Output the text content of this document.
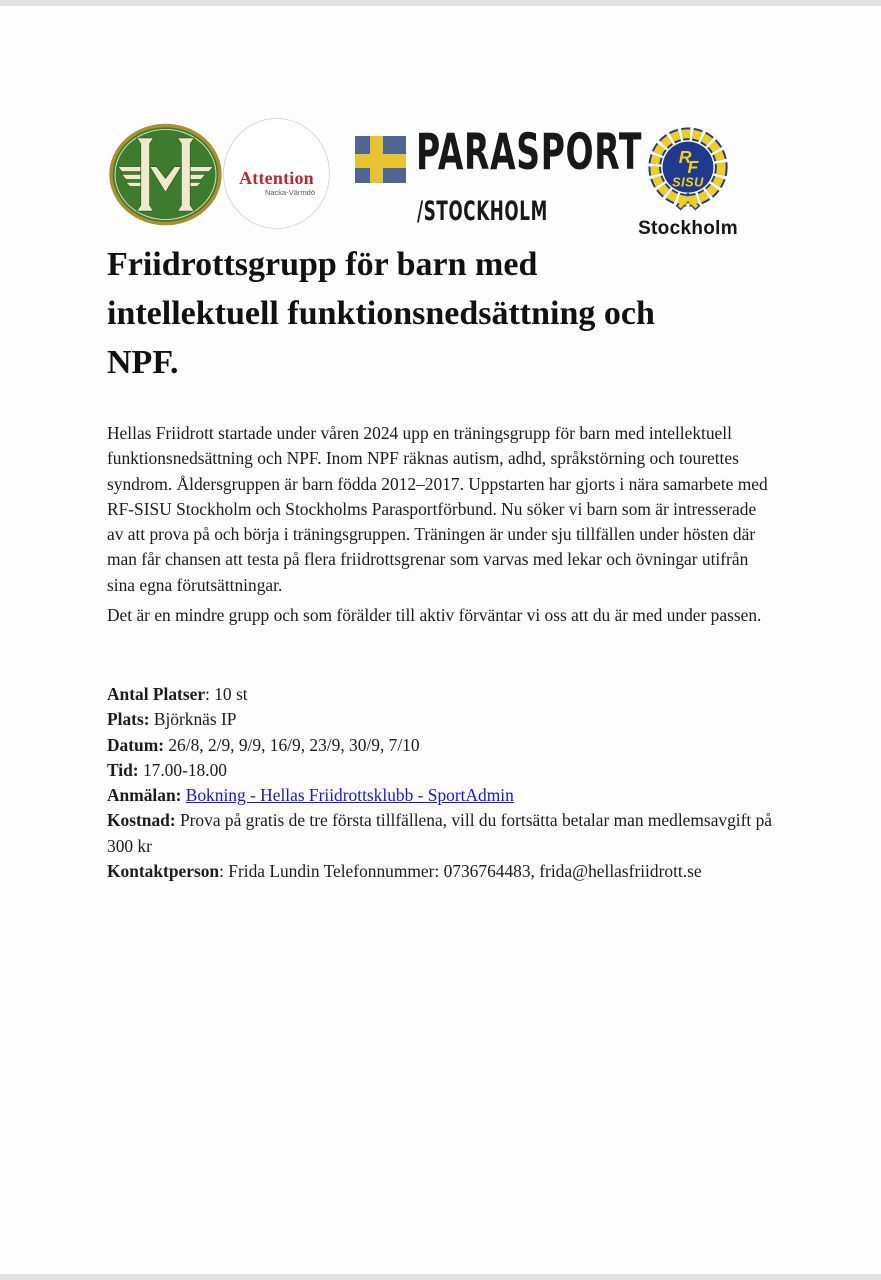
Attention
Nacka-Värmdö
PARASPORT
/STOCKHOLM
R
F
SISU
Stockholm
Friidrottsgrupp för barn med
intellektuell funktionsnedsättning och
NPF.

Hellas Friidrott startade under våren 2024 upp en träningsgrupp för barn med intellektuell funktionsnedsättning och NPF. Inom NPF räknas autism, adhd, språkstörning och tourettes syndrom. Åldersgruppen är barn födda 2012–2017. Uppstarten har gjorts i nära samarbete med RF-SISU Stockholm och Stockholms Parasportförbund. Nu söker vi barn som är intresserade av att prova på och börja i träningsgruppen. Träningen är under sju tillfällen under hösten där man får chansen att testa på flera friidrottsgrenar som varvas med lekar och övningar utifrån sina egna förutsättningar.

Det är en mindre grupp och som förälder till aktiv förväntar vi oss att du är med under passen.

Antal Platser: 10 st
Plats: Björknäs IP
Datum: 26/8, 2/9, 9/9, 16/9, 23/9, 30/9, 7/10
Tid: 17.00-18.00
Anmälan: Bokning - Hellas Friidrottsklubb - SportAdmin
Kostnad: Prova på gratis de tre första tillfällena, vill du fortsätta betalar man medlemsavgift på 300 kr
Kontaktperson: Frida Lundin Telefonnummer: 0736764483, frida@hellasfriidrott.se
